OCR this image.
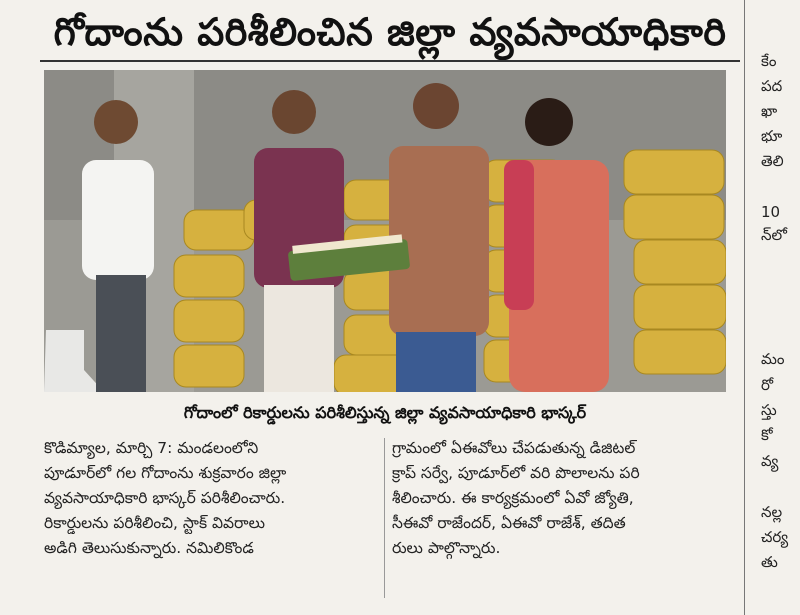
గోదాంను పరిశీలించిన జిల్లా వ్యవసాయాధికారి
గోదాంలో రికార్డులను పరిశీలిస్తున్న జిల్లా వ్యవసాయాధికారి భాస్కర్

కొడిమ్యాల, మార్చి 7: మండలంలోని

పూడూర్‌లో గల గోదాంను శుక్రవారం జిల్లా

వ్యవసాయాధికారి భాస్కర్ పరిశీలించారు.

రికార్డులను పరిశీలించి, స్టాక్ వివరాలు

అడిగి తెలుసుకున్నారు. నమిలికొండ

గ్రామంలో ఏఈవోలు చేపడుతున్న డిజిటల్

క్రాప్ సర్వే, పూడూర్‌లో వరి పొలాలను పరి

శీలించారు. ఈ కార్యక్రమంలో ఏవో జ్యోతి,

సీఈవో రాజేందర్, ఏఈవో రాజేశ్, తదిత

రులు పాల్గొన్నారు.

కేం
పద
ఖా
భూ
తెలి
10
న్‌లో
మం
రో
స్తు
కో
వ్య
నల్ల
చర్య
తు
